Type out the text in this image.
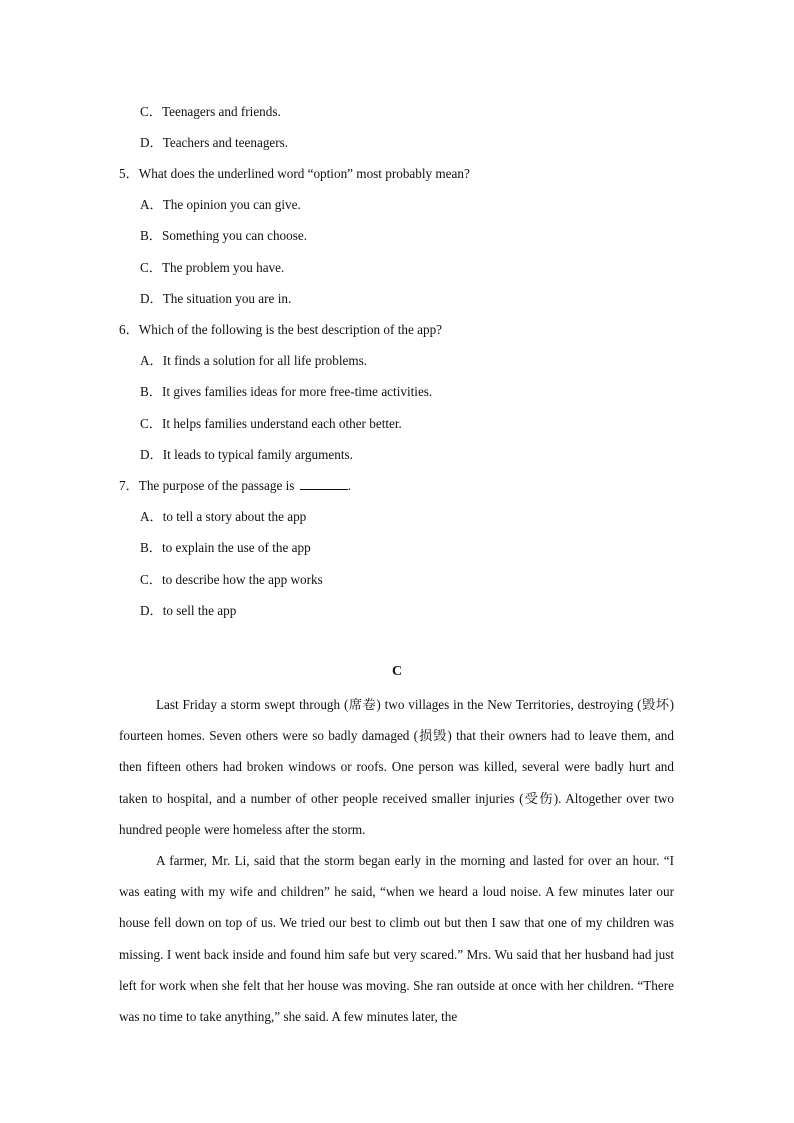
C．Teenagers and friends.
D．Teachers and teenagers.
5．What does the underlined word “option” most probably mean?
A．The opinion you can give.
B．Something you can choose.
C．The problem you have.
D．The situation you are in.
6．Which of the following is the best description of the app?
A．It finds a solution for all life problems.
B．It gives families ideas for more free-time activities.
C．It helps families understand each other better.
D．It leads to typical family arguments.
7．The purpose of the passage is	.
A．to tell a story about the app
B．to explain the use of the app
C．to describe how the app works
D．to sell the app
C

Last Friday a storm swept through (席卷) two villages in the New Territories, destroying (毁坏) fourteen homes. Seven others were so badly damaged (损毁) that their owners had to leave them, and then fifteen others had broken windows or roofs. One person was killed, several were badly hurt and taken to hospital, and a number of other people received smaller injuries (受伤). Altogether over two hundred people were homeless after the storm.

A farmer, Mr. Li, said that the storm began early in the morning and lasted for over an hour. “I was eating with my wife and children” he said, “when we heard a loud noise. A few minutes later our house fell down on top of us. We tried our best to climb out but then I saw that one of my children was missing. I went back inside and found him safe but very scared.” Mrs. Wu said that her husband had just left for work when she felt that her house was moving. She ran outside at once with her children. “There was no time to take anything,” she said. A few minutes later, the
